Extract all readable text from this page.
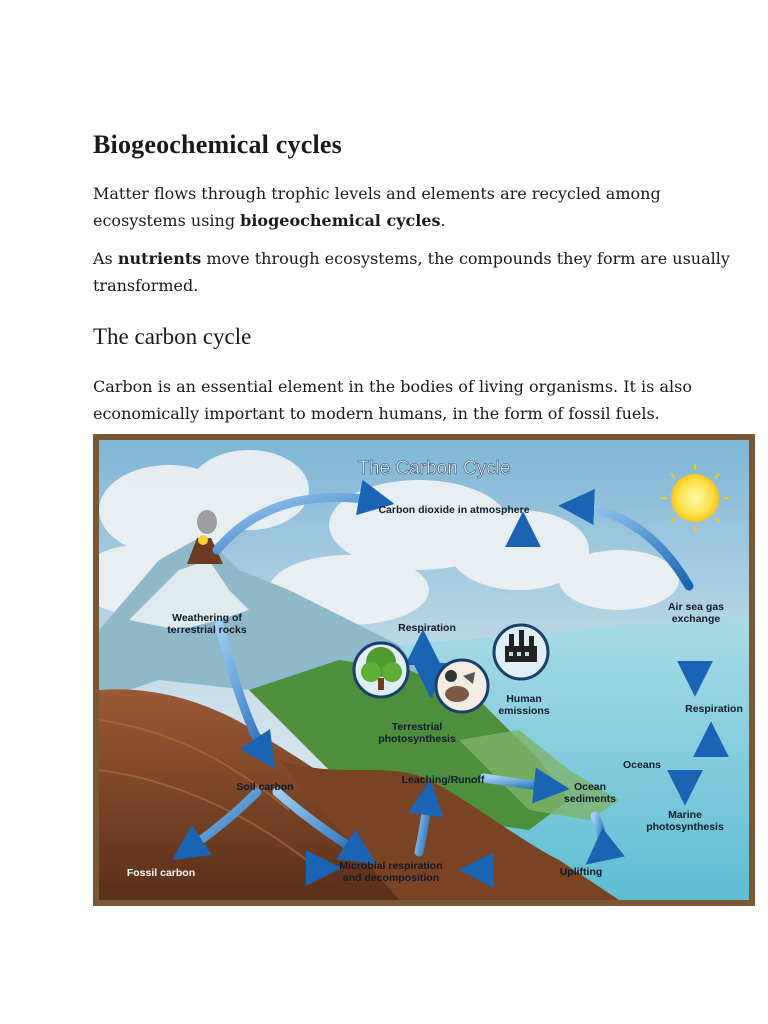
Biogeochemical cycles

Matter flows through trophic levels and elements are recycled among ecosystems using biogeochemical cycles.

As nutrients move through ecosystems, the compounds they form are usually transformed.

The carbon cycle

Carbon is an essential element in the bodies of living organisms. It is also economically important to modern humans, in the form of fossil fuels.

The Carbon Cycle
Carbon dioxide in atmosphere
Weathering of
terrestrial rocks
Air sea gas
exchange
Respiration
Respiration
Human
emissions
Terrestrial
photosynthesis
Oceans
Soil carbon
Leaching/Runoff
Ocean
sediments
Marine
photosynthesis
Microbial respiration
and decomposition	Uplifting
Fossil carbon
